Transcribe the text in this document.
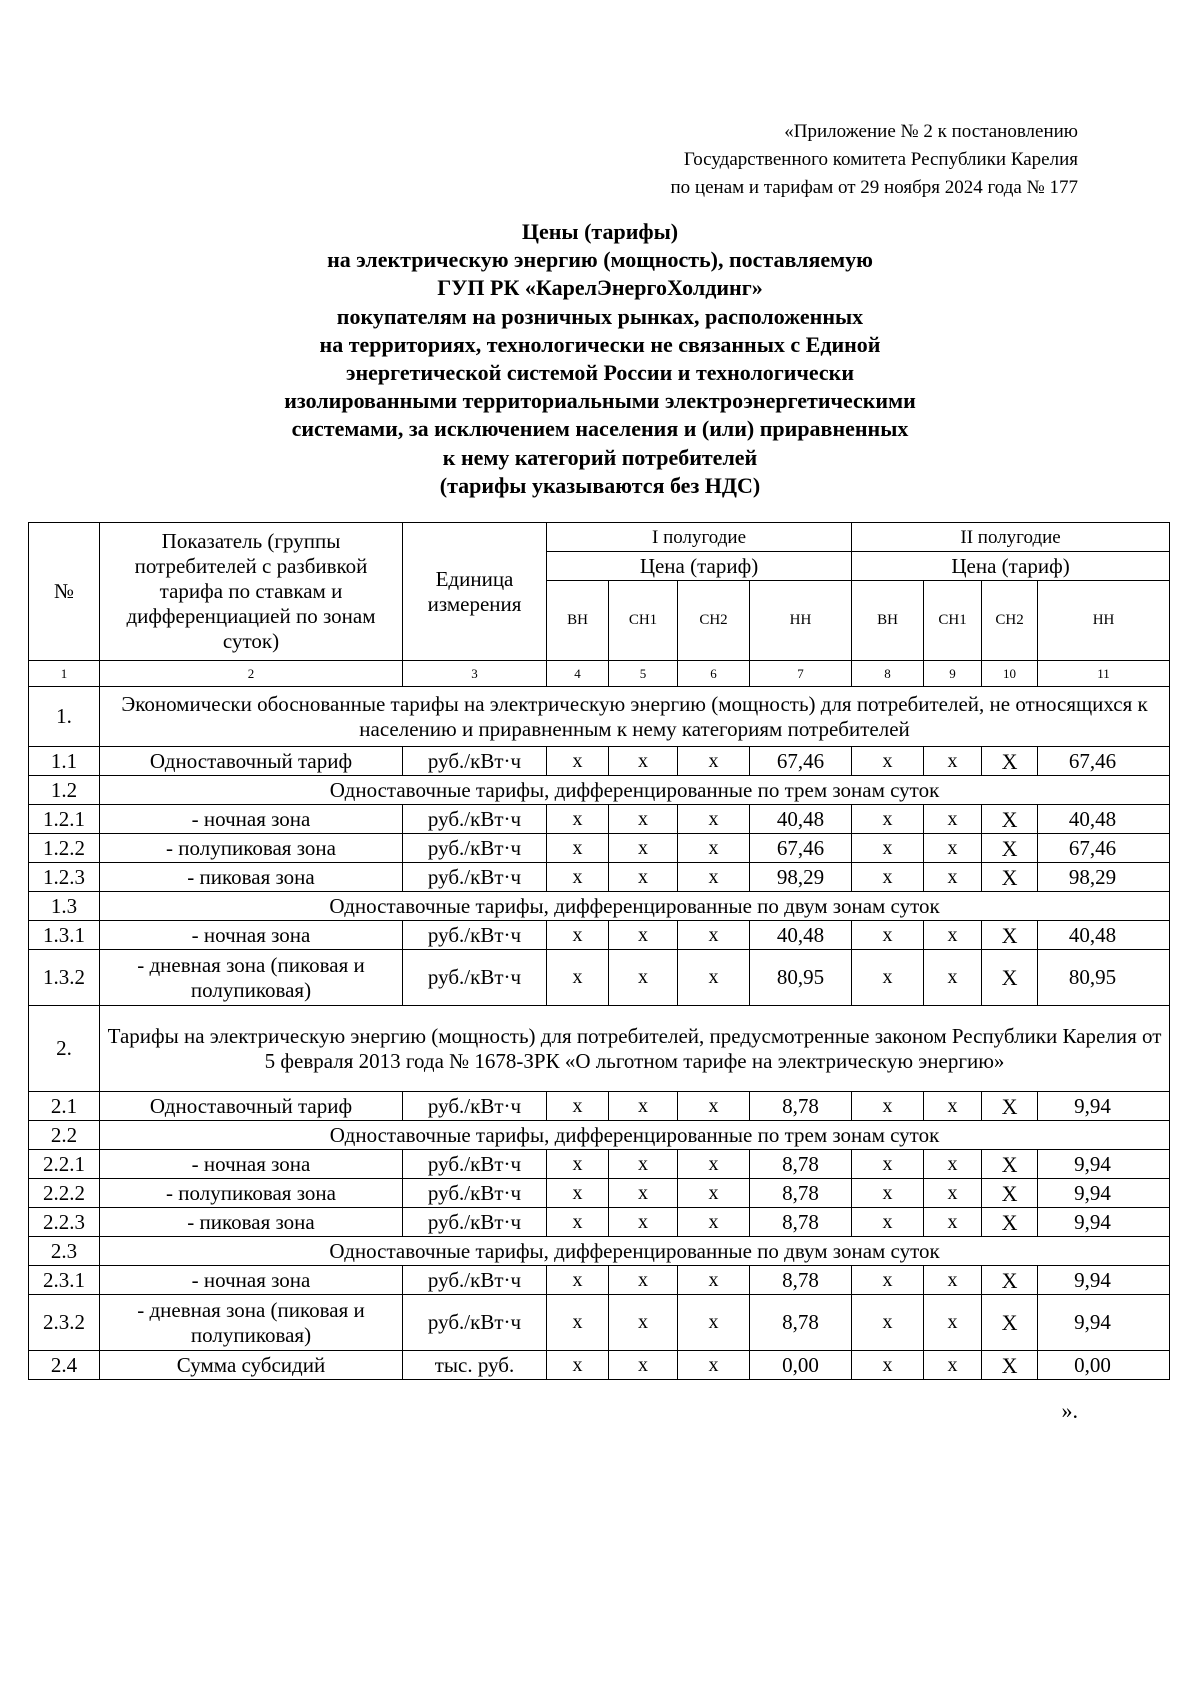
«Приложение № 2 к постановлению
Государственного комитета Республики Карелия
по ценам и тарифам от 29 ноября 2024 года № 177
Цены (тарифы)
на электрическую энергию (мощность), поставляемую
ГУП РК «КарелЭнергоХолдинг»
покупателям на розничных рынках, расположенных
на территориях, технологически не связанных с Единой
энергетической системой России и технологически
изолированными территориальными электроэнергетическими
системами, за исключением населения и (или) приравненных
к нему категорий потребителей
(тарифы указываются без НДС)
№	Показатель (группы потребителей с разбивкой тарифа по ставкам и дифференциацией по зонам суток)	Единица измерения	I полугодие				II полугодие			
			Цена (тариф)				Цена (тариф)			
			ВН	СН1	СН2	НН	ВН	СН1	СН2	НН
1	2	3	4	5	6	7	8	9	10	11
1.	Экономически обоснованные тарифы на электрическую энергию (мощность) для потребителей, не относящихся к населению и приравненным к нему категориям потребителей									
1.1	Одноставочный тариф	руб./кВт·ч	х	х	х	67,46	х	х	Х	67,46
1.2	Одноставочные тарифы, дифференцированные по трем зонам суток									
1.2.1	- ночная зона	руб./кВт·ч	х	х	х	40,48	х	х	Х	40,48
1.2.2	- полупиковая зона	руб./кВт·ч	х	х	х	67,46	х	х	Х	67,46
1.2.3	- пиковая зона	руб./кВт·ч	х	х	х	98,29	х	х	Х	98,29
1.3	Одноставочные тарифы, дифференцированные по двум зонам суток									
1.3.1	- ночная зона	руб./кВт·ч	х	х	х	40,48	х	х	Х	40,48
1.3.2	- дневная зона (пиковая и полупиковая)	руб./кВт·ч	х	х	х	80,95	х	х	Х	80,95
2.	Тарифы на электрическую энергию (мощность) для потребителей, предусмотренные законом Республики Карелия от 5 февраля 2013 года № 1678-ЗРК «О льготном тарифе на электрическую энергию»									
2.1	Одноставочный тариф	руб./кВт·ч	х	х	х	8,78	х	х	Х	9,94
2.2	Одноставочные тарифы, дифференцированные по трем зонам суток									
2.2.1	- ночная зона	руб./кВт·ч	х	х	х	8,78	х	х	Х	9,94
2.2.2	- полупиковая зона	руб./кВт·ч	х	х	х	8,78	х	х	Х	9,94
2.2.3	- пиковая зона	руб./кВт·ч	х	х	х	8,78	х	х	Х	9,94
2.3	Одноставочные тарифы, дифференцированные по двум зонам суток									
2.3.1	- ночная зона	руб./кВт·ч	х	х	х	8,78	х	х	Х	9,94
2.3.2	- дневная зона (пиковая и полупиковая)	руб./кВт·ч	х	х	х	8,78	х	х	Х	9,94
2.4	Сумма субсидий	тыс. руб.	х	х	х	0,00	х	х	Х	0,00
».
